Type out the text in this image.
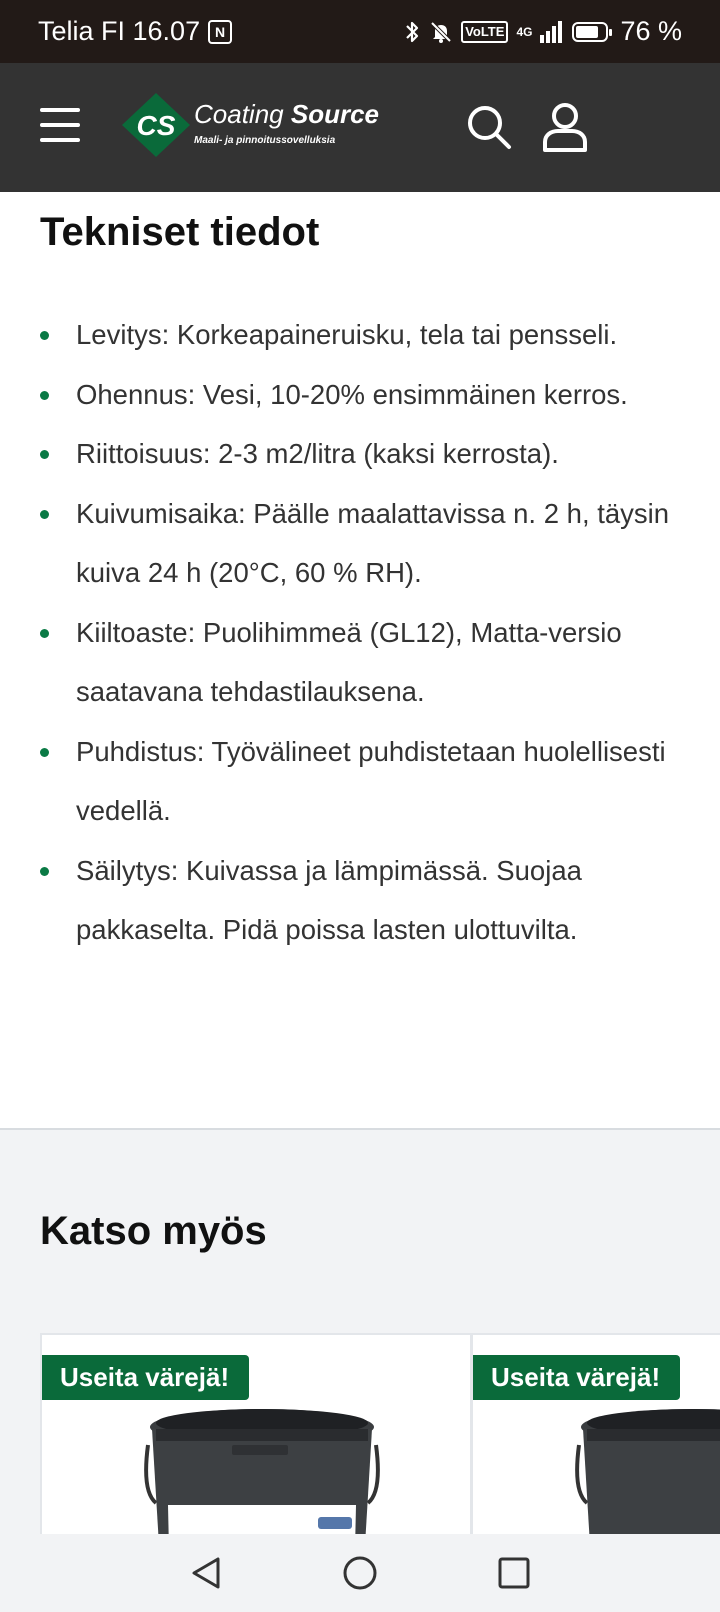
Telia FI 16.07	N	VoLTE	4G	76 %
CS Coating Source
Maali- ja pinnoitussovelluksia
Tekniset tiedot
Levitys: Korkeapaineruisku, tela tai pensseli.
Ohennus: Vesi, 10-20% ensimmäinen kerros.
Riittoisuus: 2-3 m2/litra (kaksi kerrosta).
Kuivumisaika: Päälle maalattavissa n. 2 h, täysin kuiva 24 h (20°C, 60 % RH).
Kiiltoaste: Puolihimmeä (GL12), Matta-versio saatavana tehdastilauksena.
Puhdistus: Työvälineet puhdistetaan huolellisesti vedellä.
Säilytys: Kuivassa ja lämpimässä. Suojaa pakkaselta. Pidä poissa lasten ulottuvilta.
Katso myös
Useita värejä!	Useita värejä!
